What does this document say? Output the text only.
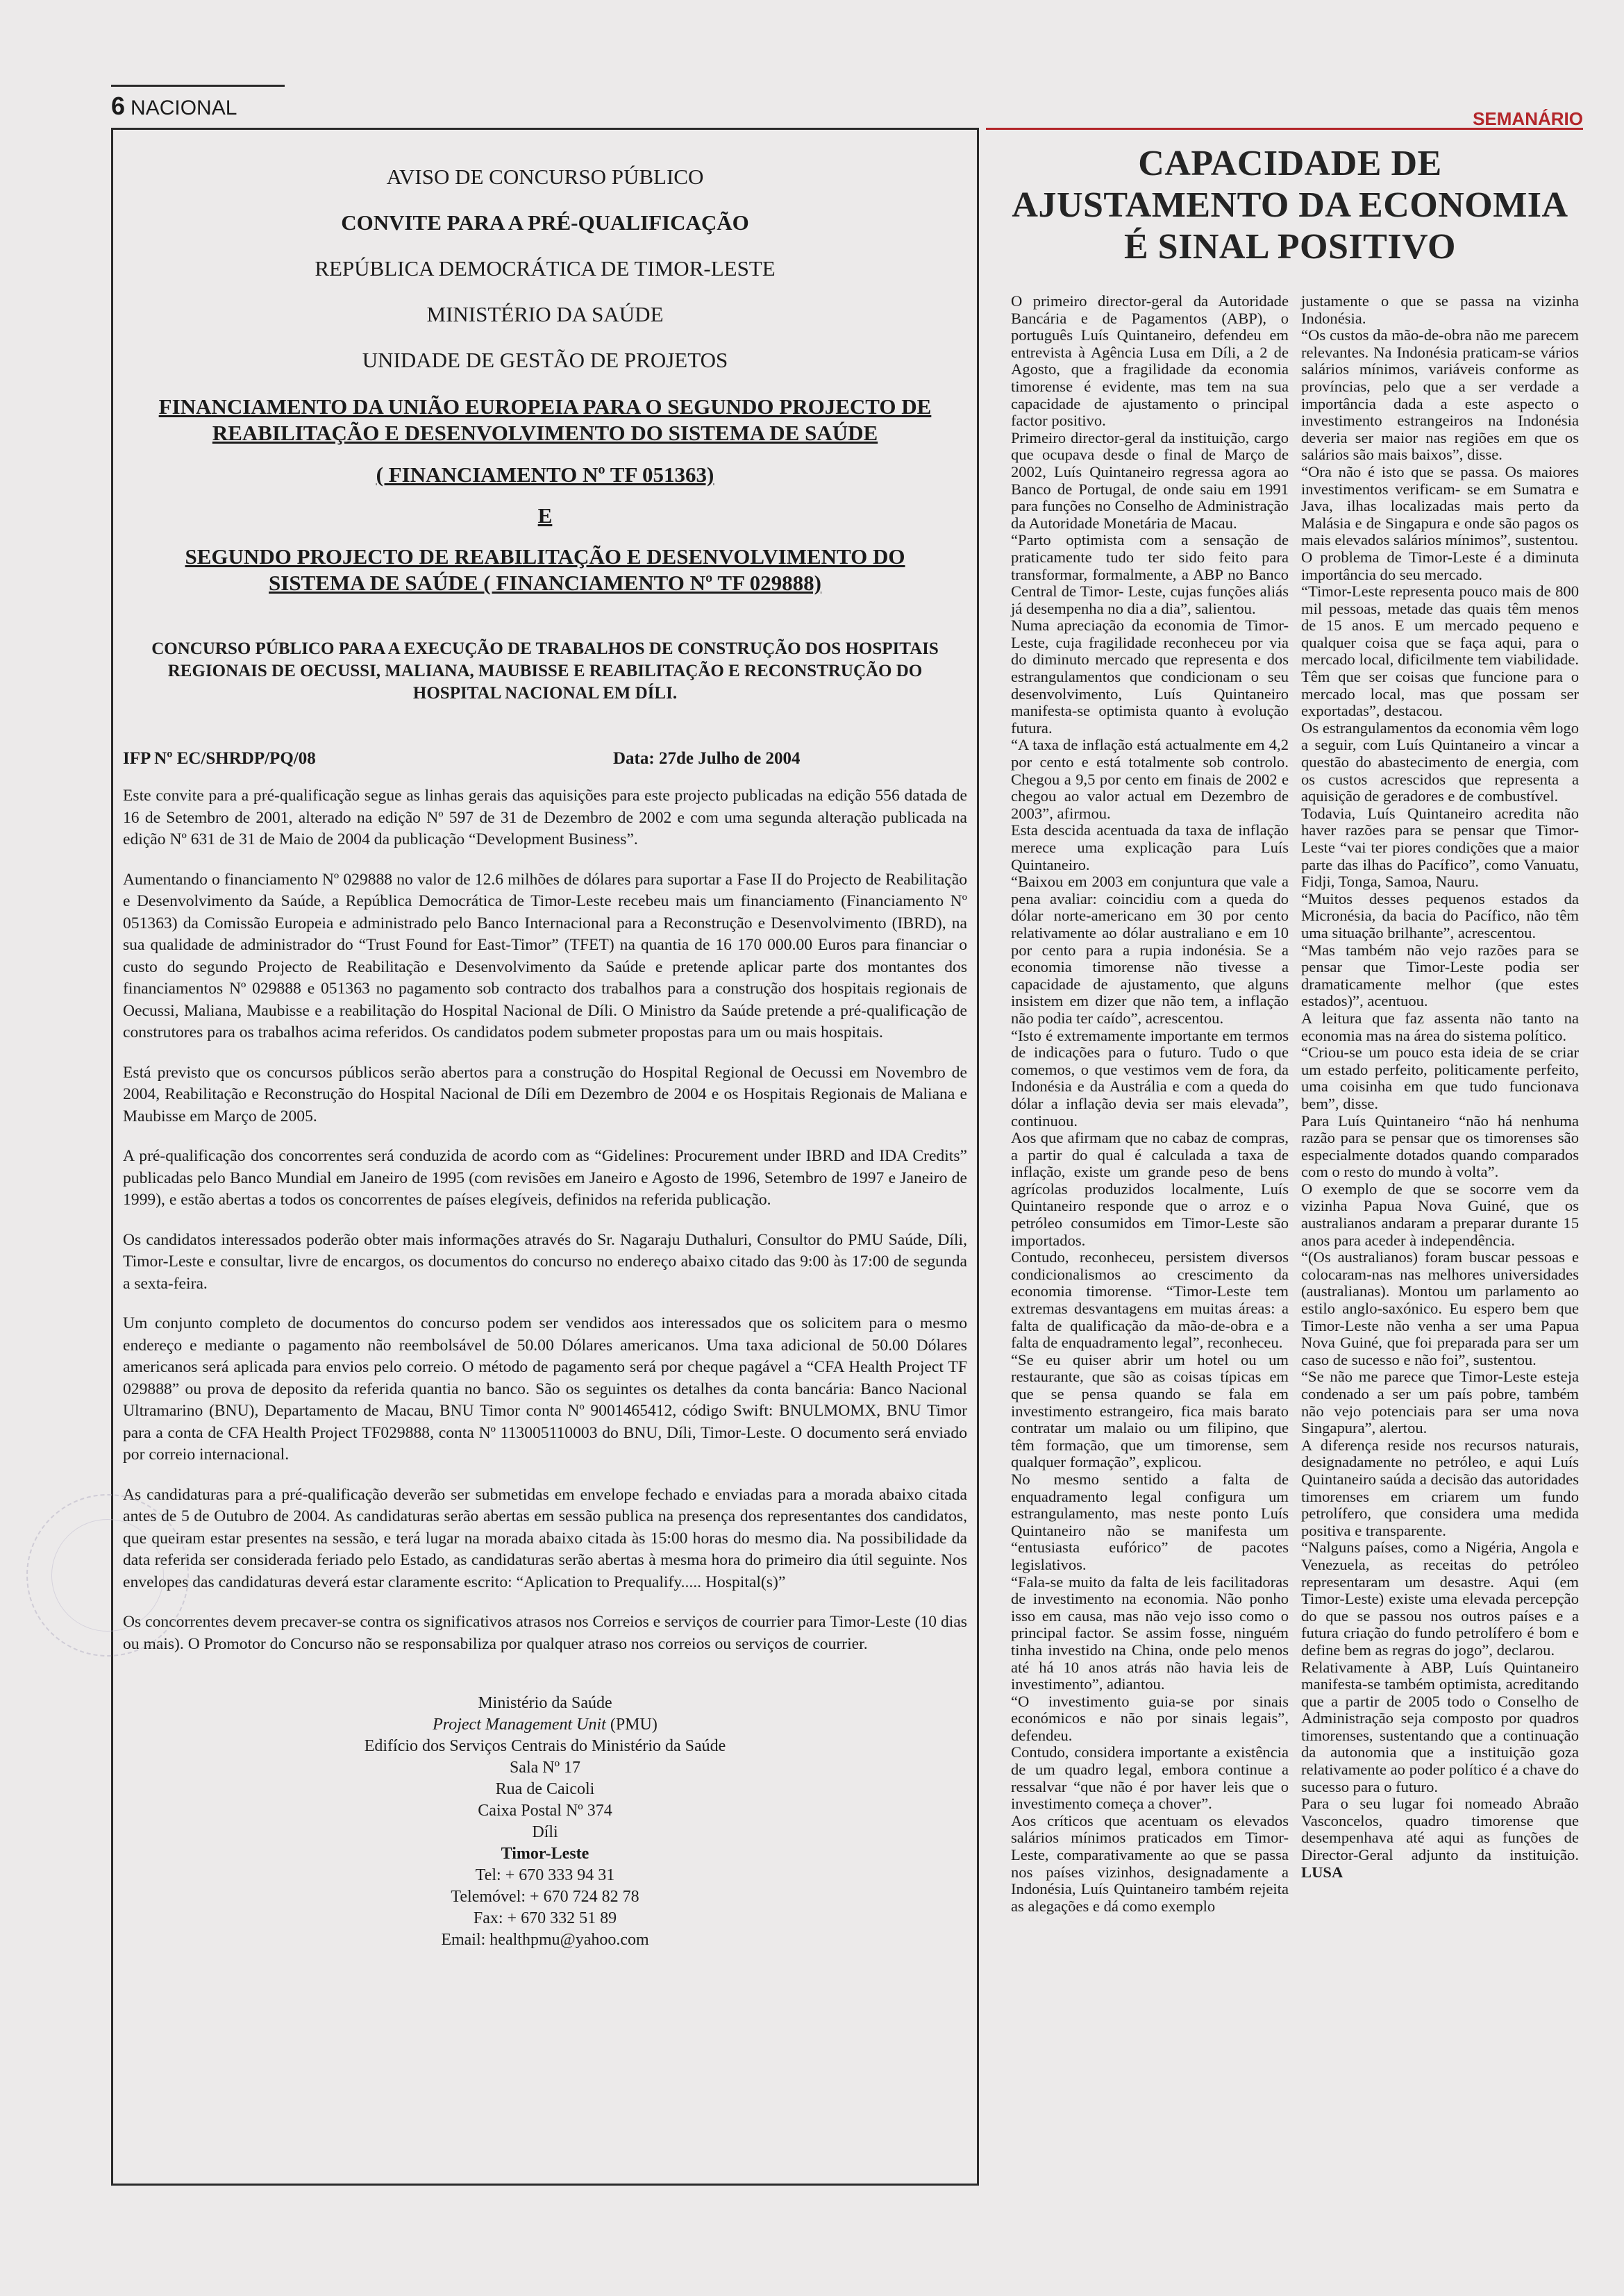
6 NACIONAL	SEMANÁRIO
AVISO DE CONCURSO PÚBLICO
CONVITE PARA A PRÉ-QUALIFICAÇÃO
REPÚBLICA DEMOCRÁTICA DE TIMOR-LESTE
MINISTÉRIO DA SAÚDE
UNIDADE DE GESTÃO DE PROJETOS
FINANCIAMENTO DA UNIÃO EUROPEIA PARA O SEGUNDO PROJECTO DE REABILITAÇÃO E DESENVOLVIMENTO DO SISTEMA DE SAÚDE
( FINANCIAMENTO Nº TF 051363)
E
SEGUNDO PROJECTO DE REABILITAÇÃO E DESENVOLVIMENTO DO SISTEMA DE SAÚDE ( FINANCIAMENTO Nº TF 029888)
CONCURSO PÚBLICO PARA A EXECUÇÃO DE TRABALHOS DE CONSTRUÇÃO DOS HOSPITAIS REGIONAIS DE OECUSSI, MALIANA, MAUBISSE E REABILITAÇÃO E RECONSTRUÇÃO DO HOSPITAL NACIONAL EM DÍLI.
IFP Nº EC/SHRDP/PQ/08	Data: 27de Julho de 2004

Este convite para a pré-qualificação segue as linhas gerais das aquisições para este projecto publicadas na edição 556 datada de 16 de Setembro de 2001, alterado na edição Nº 597 de 31 de Dezembro de 2002 e com uma segunda alteração publicada na edição Nº 631 de 31 de Maio de 2004 da publicação “Development Business”.

Aumentando o financiamento Nº 029888 no valor de 12.6 milhões de dólares para suportar a Fase II do Projecto de Reabilitação e Desenvolvimento da Saúde, a República Democrática de Timor-Leste recebeu mais um financiamento (Financiamento Nº 051363) da Comissão Europeia e administrado pelo Banco Internacional para a Reconstrução e Desenvolvimento (IBRD), na sua qualidade de administrador do “Trust Found for East-Timor” (TFET) na quantia de 16 170 000.00 Euros para financiar o custo do segundo Projecto de Reabilitação e Desenvolvimento da Saúde e pretende aplicar parte dos montantes dos financiamentos Nº 029888 e 051363 no pagamento sob contracto dos trabalhos para a construção dos hospitais regionais de Oecussi, Maliana, Maubisse e a reabilitação do Hospital Nacional de Díli. O Ministro da Saúde pretende a pré-qualificação de construtores para os trabalhos acima referidos. Os candidatos podem submeter propostas para um ou mais hospitais.

Está previsto que os concursos públicos serão abertos para a construção do Hospital Regional de Oecussi em Novembro de 2004, Reabilitação e Reconstrução do Hospital Nacional de Díli em Dezembro de 2004 e os Hospitais Regionais de Maliana e Maubisse em Março de 2005.

A pré-qualificação dos concorrentes será conduzida de acordo com as “Gidelines: Procurement under IBRD and IDA Credits” publicadas pelo Banco Mundial em Janeiro de 1995 (com revisões em Janeiro e Agosto de 1996, Setembro de 1997 e Janeiro de 1999), e estão abertas a todos os concorrentes de países elegíveis, definidos na referida publicação.

Os candidatos interessados poderão obter mais informações através do Sr. Nagaraju Duthaluri, Consultor do PMU Saúde, Díli, Timor-Leste e consultar, livre de encargos, os documentos do concurso no endereço abaixo citado das 9:00 às 17:00 de segunda a sexta-feira.

Um conjunto completo de documentos do concurso podem ser vendidos aos interessados que os solicitem para o mesmo endereço e mediante o pagamento não reembolsável de 50.00 Dólares americanos. Uma taxa adicional de 50.00 Dólares americanos será aplicada para envios pelo correio. O método de pagamento será por cheque pagável a “CFA Health Project TF 029888” ou prova de deposito da referida quantia no banco. São os seguintes os detalhes da conta bancária: Banco Nacional Ultramarino (BNU), Departamento de Macau, BNU Timor conta Nº 9001465412, código Swift: BNULMOMX, BNU Timor para a conta de CFA Health Project TF029888, conta Nº 113005110003 do BNU, Díli, Timor-Leste. O documento será enviado por correio internacional.

As candidaturas para a pré-qualificação deverão ser submetidas em envelope fechado e enviadas para a morada abaixo citada antes de 5 de Outubro de 2004. As candidaturas serão abertas em sessão publica na presença dos representantes dos candidatos, que queiram estar presentes na sessão, e terá lugar na morada abaixo citada às 15:00 horas do mesmo dia. Na possibilidade da data referida ser considerada feriado pelo Estado, as candidaturas serão abertas à mesma hora do primeiro dia útil seguinte. Nos envelopes das candidaturas deverá estar claramente escrito: “Aplication to Prequalify..... Hospital(s)”

Os concorrentes devem precaver-se contra os significativos atrasos nos Correios e serviços de courrier para Timor-Leste (10 dias ou mais). O Promotor do Concurso não se responsabiliza por qualquer atraso nos correios ou serviços de courrier.

Ministério da Saúde
Project Management Unit (PMU)
Edifício dos Serviços Centrais do Ministério da Saúde
Sala Nº 17
Rua de Caicoli
Caixa Postal Nº 374
Díli
Timor-Leste
Tel: + 670 333 94 31
Telemóvel: + 670 724 82 78
Fax: + 670 332 51 89
Email: healthpmu@yahoo.com
CAPACIDADE DE AJUSTAMENTO DA ECONOMIA É SINAL POSITIVO

O primeiro director-geral da Autoridade Bancária e de Pagamentos (ABP), o português Luís Quintaneiro, defendeu em entrevista à Agência Lusa em Díli, a 2 de Agosto, que a fragilidade da economia timorense é evidente, mas tem na sua capacidade de ajustamento o principal factor positivo.

Primeiro director-geral da instituição, cargo que ocupava desde o final de Março de 2002, Luís Quintaneiro regressa agora ao Banco de Portugal, de onde saiu em 1991 para funções no Conselho de Administração da Autoridade Monetária de Macau.

“Parto optimista com a sensação de praticamente tudo ter sido feito para transformar, formalmente, a ABP no Banco Central de Timor- Leste, cujas funções aliás já desempenha no dia a dia”, salientou.

Numa apreciação da economia de Timor-Leste, cuja fragilidade reconheceu por via do diminuto mercado que representa e dos estrangulamentos que condicionam o seu desenvolvimento, Luís Quintaneiro manifesta-se optimista quanto à evolução futura.

“A taxa de inflação está actualmente em 4,2 por cento e está totalmente sob controlo. Chegou a 9,5 por cento em finais de 2002 e chegou ao valor actual em Dezembro de 2003”, afirmou.

Esta descida acentuada da taxa de inflação merece uma explicação para Luís Quintaneiro.

“Baixou em 2003 em conjuntura que vale a pena avaliar: coincidiu com a queda do dólar norte-americano em 30 por cento relativamente ao dólar australiano e em 10 por cento para a rupia indonésia. Se a economia timorense não tivesse a capacidade de ajustamento, que alguns insistem em dizer que não tem, a inflação não podia ter caído”, acrescentou.

“Isto é extremamente importante em termos de indicações para o futuro. Tudo o que comemos, o que vestimos vem de fora, da Indonésia e da Austrália e com a queda do dólar a inflação devia ser mais elevada”, continuou.

Aos que afirmam que no cabaz de compras, a partir do qual é calculada a taxa de inflação, existe um grande peso de bens agrícolas produzidos localmente, Luís Quintaneiro responde que o arroz e o petróleo consumidos em Timor-Leste são importados.

Contudo, reconheceu, persistem diversos condicionalismos ao crescimento da economia timorense. “Timor-Leste tem extremas desvantagens em muitas áreas: a falta de qualificação da mão-de-obra e a falta de enquadramento legal”, reconheceu.

“Se eu quiser abrir um hotel ou um restaurante, que são as coisas típicas em que se pensa quando se fala em investimento estrangeiro, fica mais barato contratar um malaio ou um filipino, que têm formação, que um timorense, sem qualquer formação”, explicou.

No mesmo sentido a falta de enquadramento legal configura um estrangulamento, mas neste ponto Luís Quintaneiro não se manifesta um “entusiasta eufórico” de pacotes legislativos.

“Fala-se muito da falta de leis facilitadoras de investimento na economia. Não ponho isso em causa, mas não vejo isso como o principal factor. Se assim fosse, ninguém tinha investido na China, onde pelo menos até há 10 anos atrás não havia leis de investimento”, adiantou.

“O investimento guia-se por sinais económicos e não por sinais legais”, defendeu.

Contudo, considera importante a existência de um quadro legal, embora continue a ressalvar “que não é por haver leis que o investimento começa a chover”.

Aos críticos que acentuam os elevados salários mínimos praticados em Timor-Leste, comparativamente ao que se passa nos países vizinhos, designadamente a Indonésia, Luís Quintaneiro também rejeita as alegações e dá como exemplo

justamente o que se passa na vizinha Indonésia.

“Os custos da mão-de-obra não me parecem relevantes. Na Indonésia praticam-se vários salários mínimos, variáveis conforme as províncias, pelo que a ser verdade a importância dada a este aspecto o investimento estrangeiros na Indonésia deveria ser maior nas regiões em que os salários são mais baixos”, disse.

“Ora não é isto que se passa. Os maiores investimentos verificam- se em Sumatra e Java, ilhas localizadas mais perto da Malásia e de Singapura e onde são pagos os mais elevados salários mínimos”, sustentou.

O problema de Timor-Leste é a diminuta importância do seu mercado.

“Timor-Leste representa pouco mais de 800 mil pessoas, metade das quais têm menos de 15 anos. E um mercado pequeno e qualquer coisa que se faça aqui, para o mercado local, dificilmente tem viabilidade. Têm que ser coisas que funcione para o mercado local, mas que possam ser exportadas”, destacou.

Os estrangulamentos da economia vêm logo a seguir, com Luís Quintaneiro a vincar a questão do abastecimento de energia, com os custos acrescidos que representa a aquisição de geradores e de combustível.

Todavia, Luís Quintaneiro acredita não haver razões para se pensar que Timor-Leste “vai ter piores condições que a maior parte das ilhas do Pacífico”, como Vanuatu, Fidji, Tonga, Samoa, Nauru.

“Muitos desses pequenos estados da Micronésia, da bacia do Pacífico, não têm uma situação brilhante”, acrescentou.

“Mas também não vejo razões para se pensar que Timor-Leste podia ser dramaticamente melhor (que estes estados)”, acentuou.

A leitura que faz assenta não tanto na economia mas na área do sistema político.

“Criou-se um pouco esta ideia de se criar um estado perfeito, politicamente perfeito, uma coisinha em que tudo funcionava bem”, disse.

Para Luís Quintaneiro “não há nenhuma razão para se pensar que os timorenses são especialmente dotados quando comparados com o resto do mundo à volta”.

O exemplo de que se socorre vem da vizinha Papua Nova Guiné, que os australianos andaram a preparar durante 15 anos para aceder à independência.

“(Os australianos) foram buscar pessoas e colocaram-nas nas melhores universidades (australianas). Montou um parlamento ao estilo anglo-saxónico. Eu espero bem que Timor-Leste não venha a ser uma Papua Nova Guiné, que foi preparada para ser um caso de sucesso e não foi”, sustentou.

“Se não me parece que Timor-Leste esteja condenado a ser um país pobre, também não vejo potenciais para ser uma nova Singapura”, alertou.

A diferença reside nos recursos naturais, designadamente no petróleo, e aqui Luís Quintaneiro saúda a decisão das autoridades timorenses em criarem um fundo petrolífero, que considera uma medida positiva e transparente.

“Nalguns países, como a Nigéria, Angola e Venezuela, as receitas do petróleo representaram um desastre. Aqui (em Timor-Leste) existe uma elevada percepção do que se passou nos outros países e a futura criação do fundo petrolífero é bom e define bem as regras do jogo”, declarou.

Relativamente à ABP, Luís Quintaneiro manifesta-se também optimista, acreditando que a partir de 2005 todo o Conselho de Administração seja composto por quadros timorenses, sustentando que a continuação da autonomia que a instituição goza relativamente ao poder político é a chave do sucesso para o futuro.

Para o seu lugar foi nomeado Abraão Vasconcelos, quadro timorense que desempenhava até aqui as funções de Director-Geral adjunto da instituição. LUSA
